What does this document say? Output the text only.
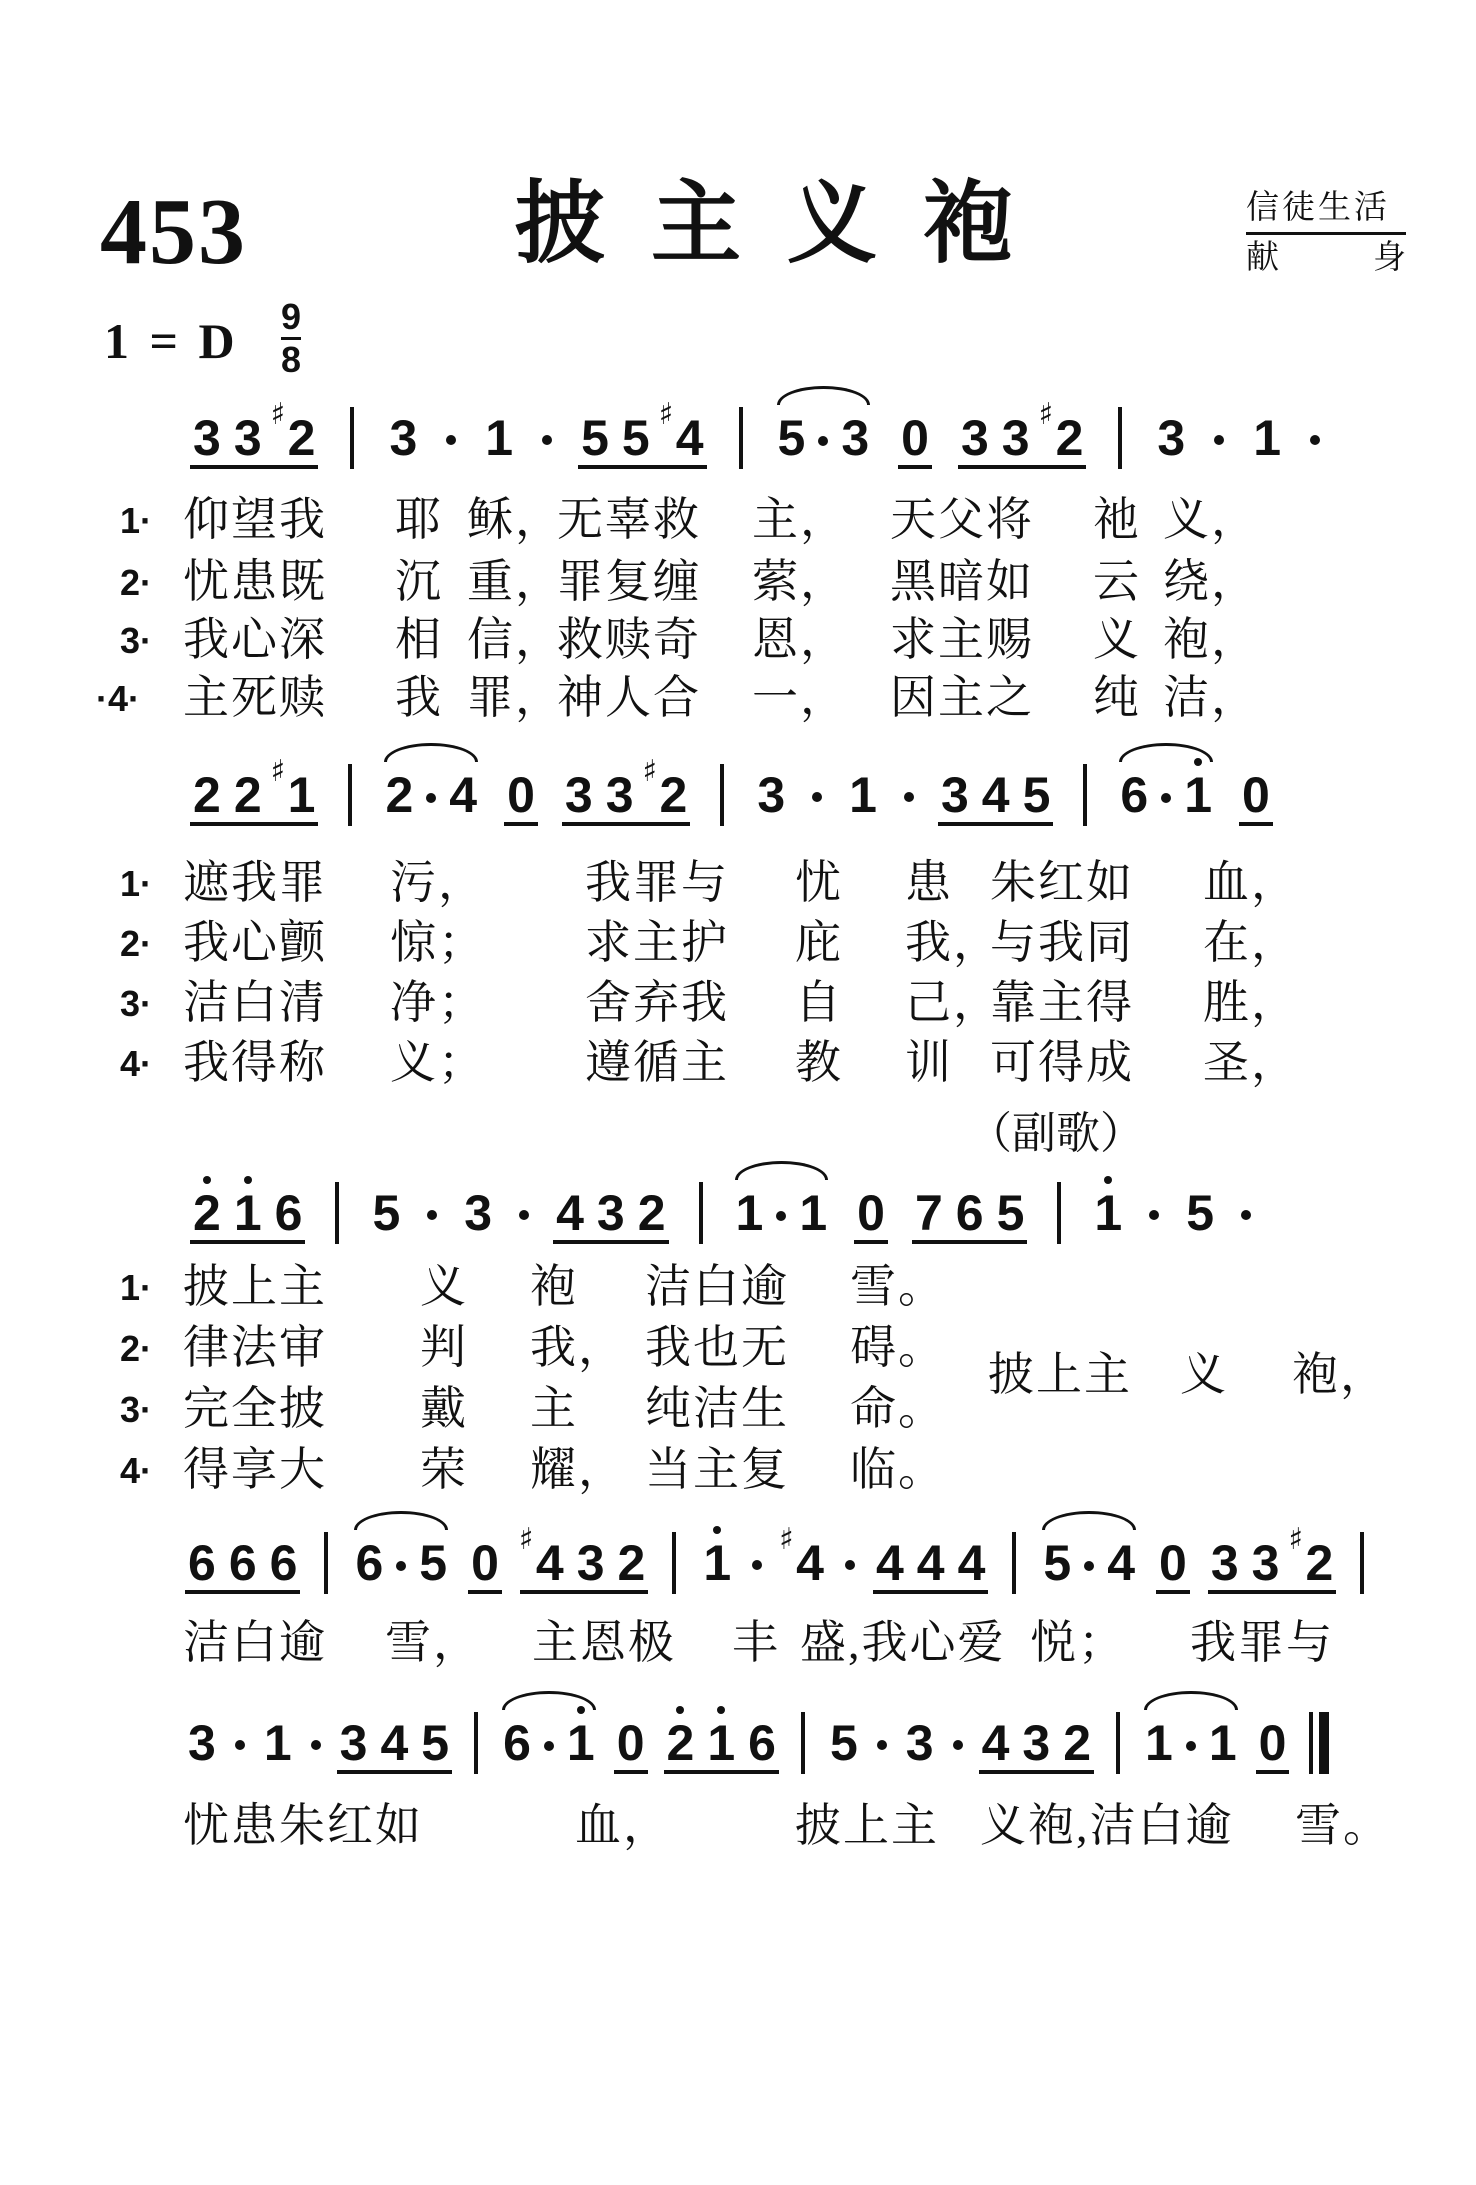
453	披主义袍	信徒生活
献	身
1 = D $\frac{9}{8}$
（副歌）
3 3 ♯ 2 3 1 5 5 ♯ 4 5 3 0 3 3 ♯ 2 3 1
2 2 ♯ 1 2 4 0 3 3 ♯ 2 3 1 3 4 5 6 1 0
2 1 6 5 3 4 3 2 1 1 0 7 6 5 1 5
6 6 6 6 5 0 ♯ 4 3 2 1 ♯ 4 4 4 4 5 4 0 3 3 ♯ 2
3 1 3 4 5 6 1 0 2 1 6 5 3 4 3 2 1 1 0
1· 仰望我 耶 稣，
无辜救 主， 天父将 祂 义，
2· 忧患既 沉 重，
罪复缠 萦， 黑暗如 云 绕，
3· 我心深 相 信，
救赎奇 恩， 求主赐 义 袍，
·4· 主死赎 我 罪，
神人合 一， 因主之 纯 洁，
1· 遮我罪 污， 我罪与 忧 患 朱红如 血，
2· 我心颤 惊； 求主护 庇 我，
与我同 在，
3· 洁白清 净； 舍弃我 自 己，
靠主得 胜，
4· 我得称 义； 遵循主 教 训 可得成 圣，
1· 披上主 义 袍 洁白逾 雪。
2· 律法审 判 我， 我也无 碍。
3· 完全披 戴 主 纯洁生 命。
4· 得享大 荣 耀， 当主复 临。
披上主 义 袍，
洁白逾 雪， 主恩极 丰 盛,我心爱 悦； 我罪与
忧患朱红如	血，	披上主 义袍,洁白逾 雪。
